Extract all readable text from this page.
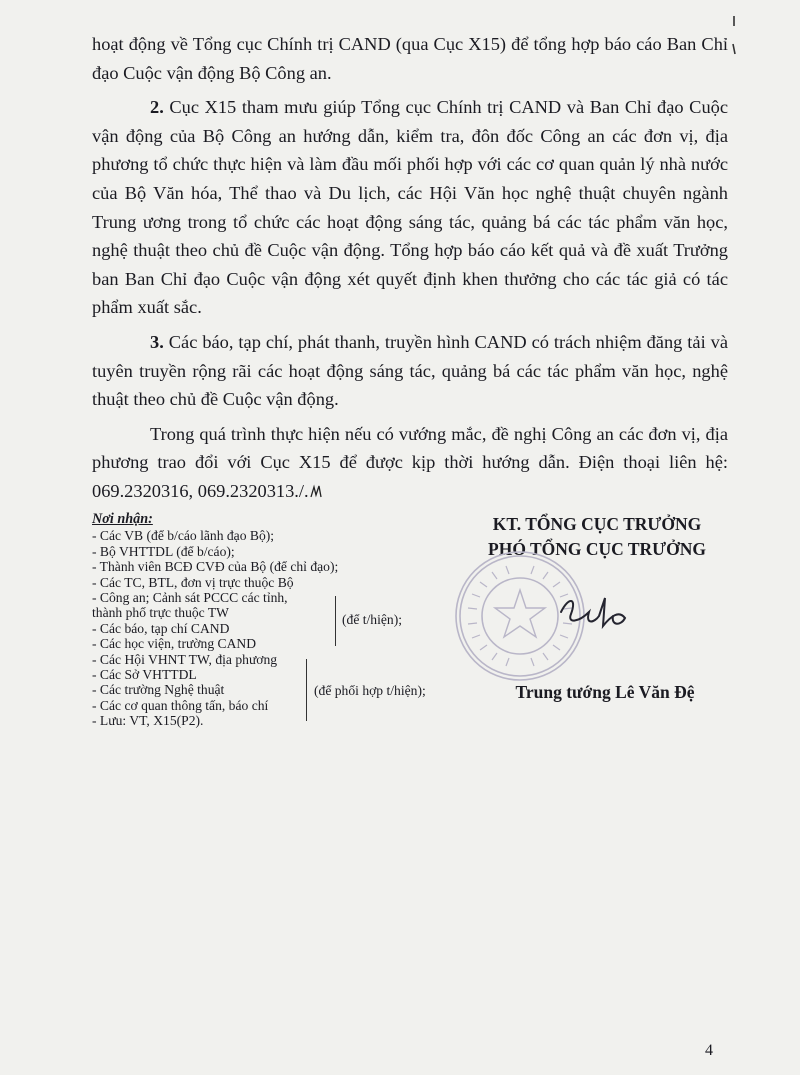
hoạt động về Tổng cục Chính trị CAND (qua Cục X15) để tổng hợp báo cáo Ban Chỉ đạo Cuộc vận động Bộ Công an.

2. Cục X15 tham mưu giúp Tổng cục Chính trị CAND và Ban Chỉ đạo Cuộc vận động của Bộ Công an hướng dẫn, kiểm tra, đôn đốc Công an các đơn vị, địa phương tổ chức thực hiện và làm đầu mối phối hợp với các cơ quan quản lý nhà nước của Bộ Văn hóa, Thể thao và Du lịch, các Hội Văn học nghệ thuật chuyên ngành Trung ương trong tổ chức các hoạt động sáng tác, quảng bá các tác phẩm văn học, nghệ thuật theo chủ đề Cuộc vận động. Tổng hợp báo cáo kết quả và đề xuất Trưởng ban Ban Chỉ đạo Cuộc vận động xét quyết định khen thưởng cho các tác giả có tác phẩm xuất sắc.

3. Các báo, tạp chí, phát thanh, truyền hình CAND có trách nhiệm đăng tải và tuyên truyền rộng rãi các hoạt động sáng tác, quảng bá các tác phẩm văn học, nghệ thuật theo chủ đề Cuộc vận động.

Trong quá trình thực hiện nếu có vướng mắc, đề nghị Công an các đơn vị, địa phương trao đổi với Cục X15 để được kịp thời hướng dẫn. Điện thoại liên hệ: 069.2320316, 069.2320313./.

Nơi nhận:
- Các VB (để b/cáo lãnh đạo Bộ);
- Bộ VHTTDL (để b/cáo);
- Thành viên BCĐ CVĐ của Bộ (để chỉ đạo);
- Các TC, BTL, đơn vị trực thuộc Bộ
- Công an; Cảnh sát PCCC các tỉnh,
thành phố trực thuộc TW
- Các báo, tạp chí CAND
- Các học viện, trường CAND
- Các Hội VHNT TW, địa phương
- Các Sở VHTTDL
- Các trường Nghệ thuật
- Các cơ quan thông tấn, báo chí
- Lưu: VT, X15(P2).
(để t/hiện);
(để phối hợp t/hiện);
KT. TỔNG CỤC TRƯỞNG
PHÓ TỔNG CỤC TRƯỞNG
Trung tướng Lê Văn Đệ
4
